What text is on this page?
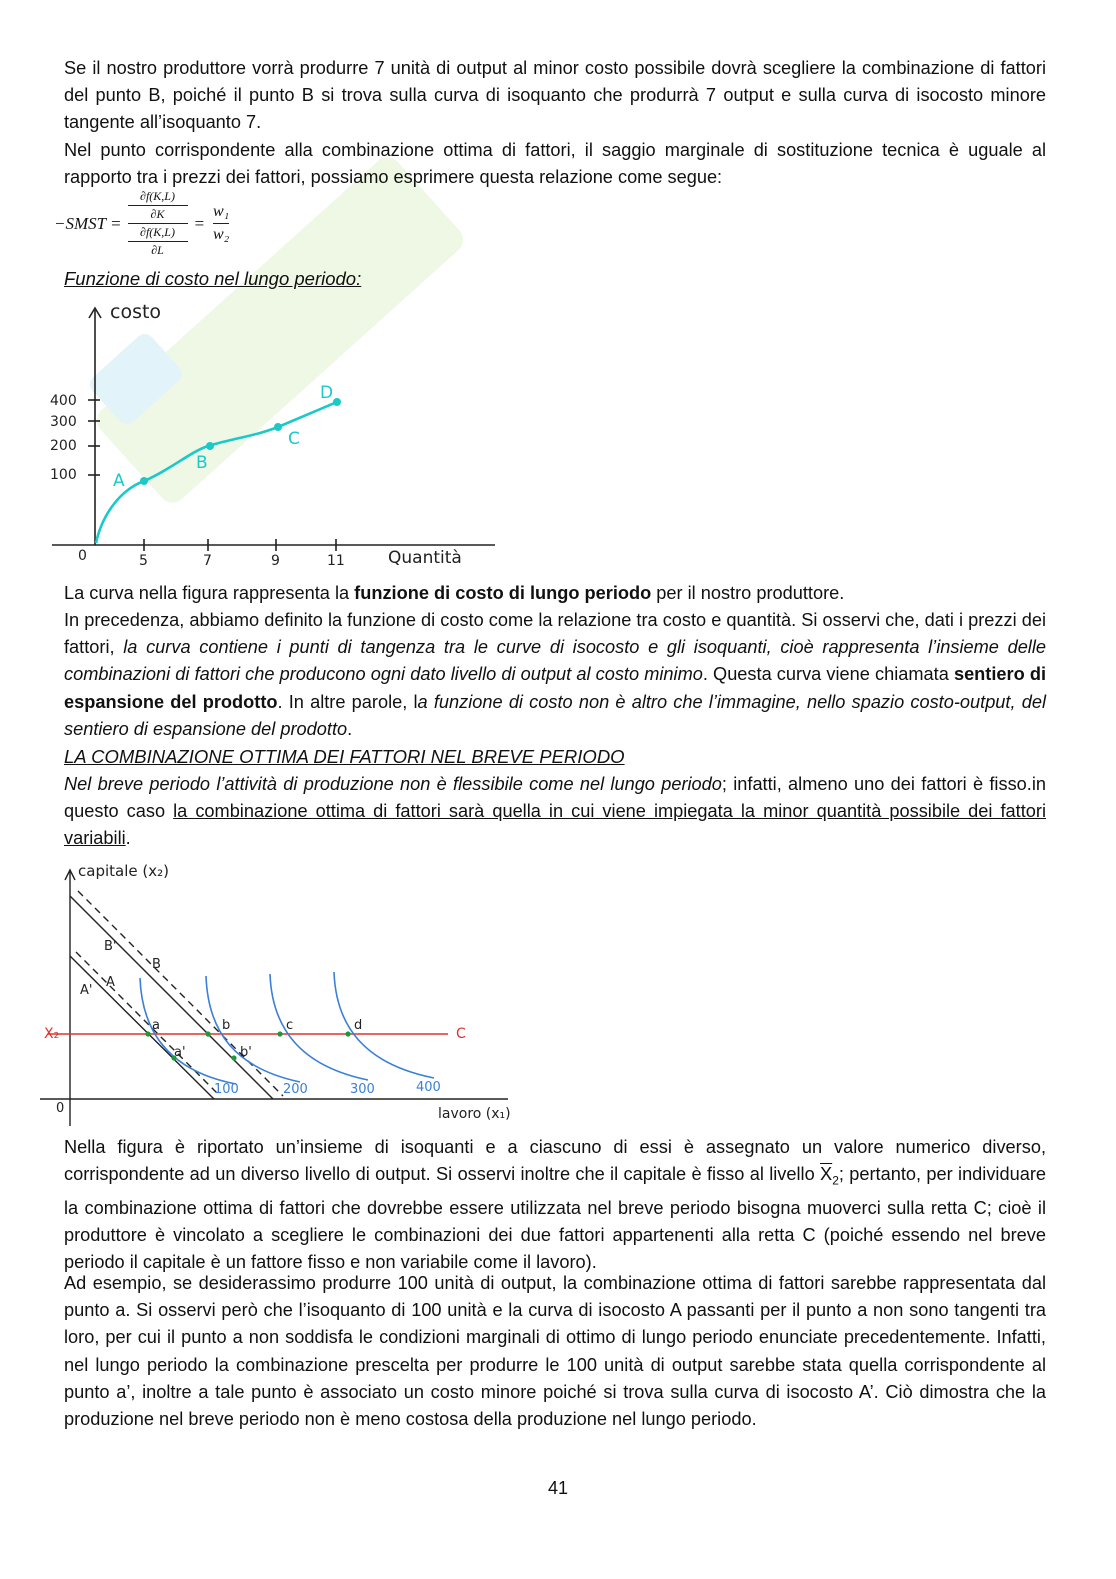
Se il nostro produttore vorrà produrre 7 unità di output al minor costo possibile dovrà scegliere la combinazione di fattori del punto B, poiché il punto B si trova sulla curva di isoquanto che produrrà 7 output e sulla curva di isocosto minore tangente all’isoquanto 7.
Nel punto corrispondente alla combinazione ottima di fattori, il saggio marginale di sostituzione tecnica è uguale al rapporto tra i prezzi dei fattori, possiamo esprimere questa relazione come segue:
−SMST = ∂f(K,L)
∂K
∂f(K,L)
$\partial L = \frac{\text{w₁}}{\text{w₂}}$
Funzione di costo nel lungo periodo:
A
B
C
D
costo
400
300
200
100
0	5	7	9	11	Quantità
La curva nella figura rappresenta la funzione di costo di lungo periodo per il nostro produttore.
In precedenza, abbiamo definito la funzione di costo come la relazione tra costo e quantità. Si osservi che, dati i prezzi dei fattori, la curva contiene i punti di tangenza tra le curve di isocosto e gli isoquanti, cioè rappresenta l’insieme delle combinazioni di fattori che producono ogni dato livello di output al costo minimo. Questa curva viene chiamata sentiero di espansione del prodotto. In altre parole, la funzione di costo non è altro che l’immagine, nello spazio costo-output, del sentiero di espansione del prodotto.
LA COMBINAZIONE OTTIMA DEI FATTORI NEL BREVE PERIODO
Nel breve periodo l’attività di produzione non è flessibile come nel lungo periodo; infatti, almeno uno dei fattori è fisso.in questo caso la combinazione ottima di fattori sarà quella in cui viene impiegata la minor quantità possibile dei fattori variabili.
capitale (x₂)
lavoro (x₁)
0
B'
B
A
A'
a	b	c	d
a'	b'
X₂	C
100	200	300	400
Nella figura è riportato un’insieme di isoquanti e a ciascuno di essi è assegnato un valore numerico diverso, corrispondente ad un diverso livello di output. Si osservi inoltre che il capitale è fisso al livello $\overline{X}_2$; pertanto, per individuare la combinazione ottima di fattori che dovrebbe essere utilizzata nel breve periodo bisogna muoverci sulla retta C; cioè il produttore è vincolato a scegliere le combinazioni dei due fattori appartenenti alla retta C (poiché essendo nel breve periodo il capitale è un fattore fisso e non variabile come il lavoro).
Ad esempio, se desiderassimo produrre 100 unità di output, la combinazione ottima di fattori sarebbe rappresentata dal punto a. Si osservi però che l’isoquanto di 100 unità e la curva di isocosto A passanti per il punto a non sono tangenti tra loro, per cui il punto a non soddisfa le condizioni marginali di ottimo di lungo periodo enunciate precedentemente. Infatti, nel lungo periodo la combinazione prescelta per produrre le 100 unità di output sarebbe stata quella corrispondente al punto a’, inoltre a tale punto è associato un costo minore poiché si trova sulla curva di isocosto A’. Ciò dimostra che la produzione nel breve periodo non è meno costosa della produzione nel lungo periodo.
41
